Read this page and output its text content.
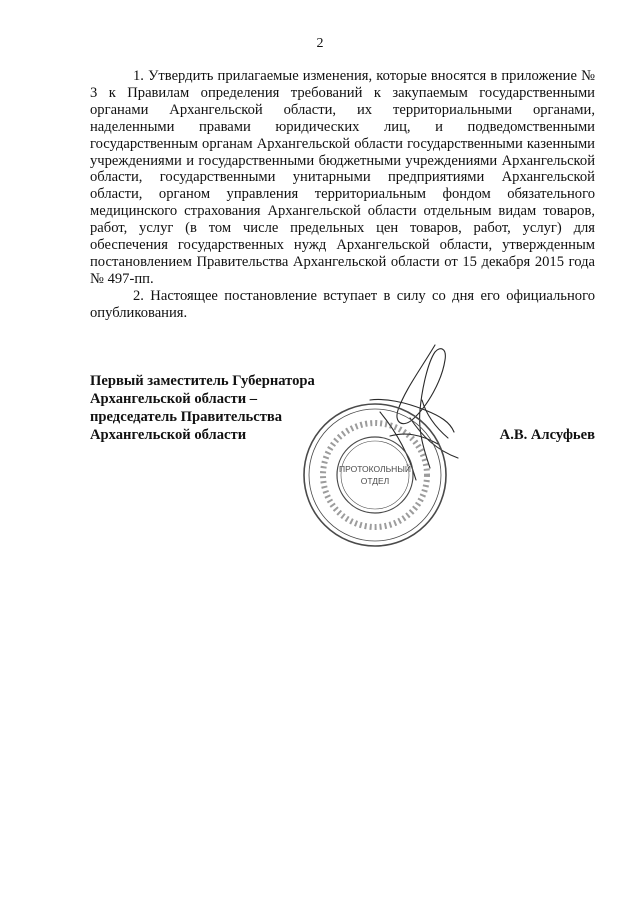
2

1. Утвердить прилагаемые изменения, которые вносятся в приложение № 3 к Правилам определения требований к закупаемым государственными органами Архангельской области, их территориальными органами, наделенными правами юридических лиц, и подведомственными государственным органам Архангельской области государственными казенными учреждениями и государственными бюджетными учреждениями Архангельской области, государственными унитарными предприятиями Архангельской области, органом управления территориальным фондом обязательного медицинского страхования Архангельской области отдельным видам товаров, работ, услуг (в том числе предельных цен товаров, работ, услуг) для обеспечения государственных нужд Архангельской области, утвержденным постановлением Правительства Архангельской области от 15 декабря 2015 года № 497-пп.

2. Настоящее постановление вступает в силу со дня его официального опубликования.

ПРОТОКОЛЬНЫЙ
ОТДЕЛ
Первый заместитель Губернатора
Архангельской области –
председатель Правительства
Архангельской области	А.В. Алсуфьев
